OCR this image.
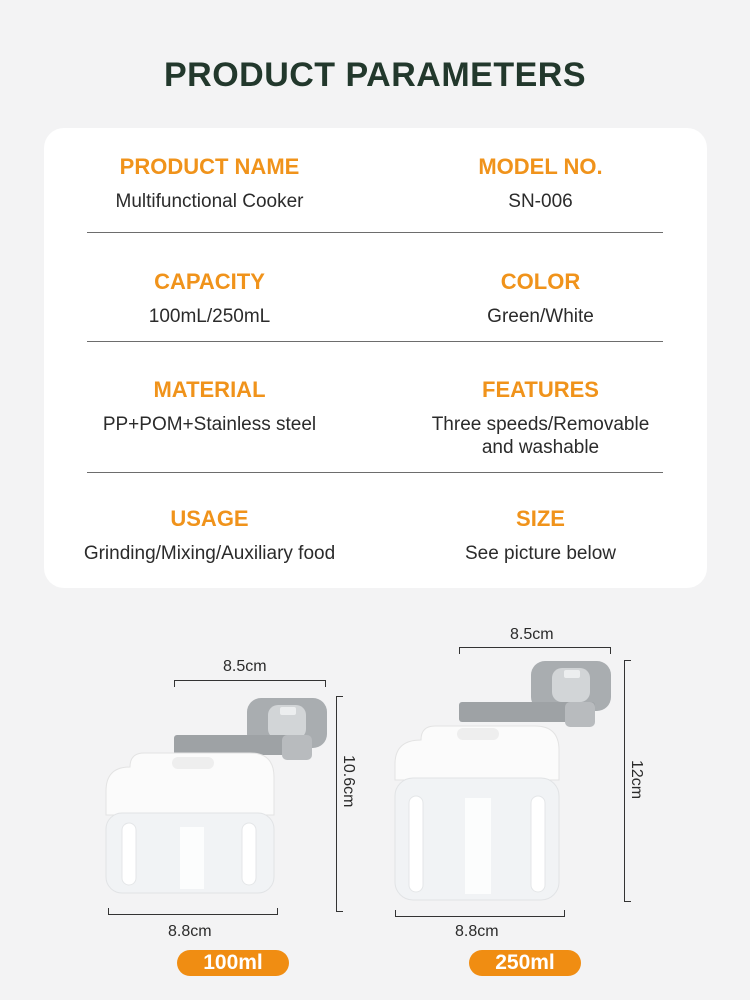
PRODUCT PARAMETERS
PRODUCT NAME
Multifunctional Cooker
MODEL NO.
SN-006
CAPACITY
100mL/250mL
COLOR
Green/White
MATERIAL
PP+POM+Stainless steel
FEATURES
Three speeds/Removable and washable
USAGE
Grinding/Mixing/Auxiliary food
SIZE
See picture below
8.5cm
10.6cm
8.8cm
100ml
8.5cm
12cm
8.8cm
250ml
